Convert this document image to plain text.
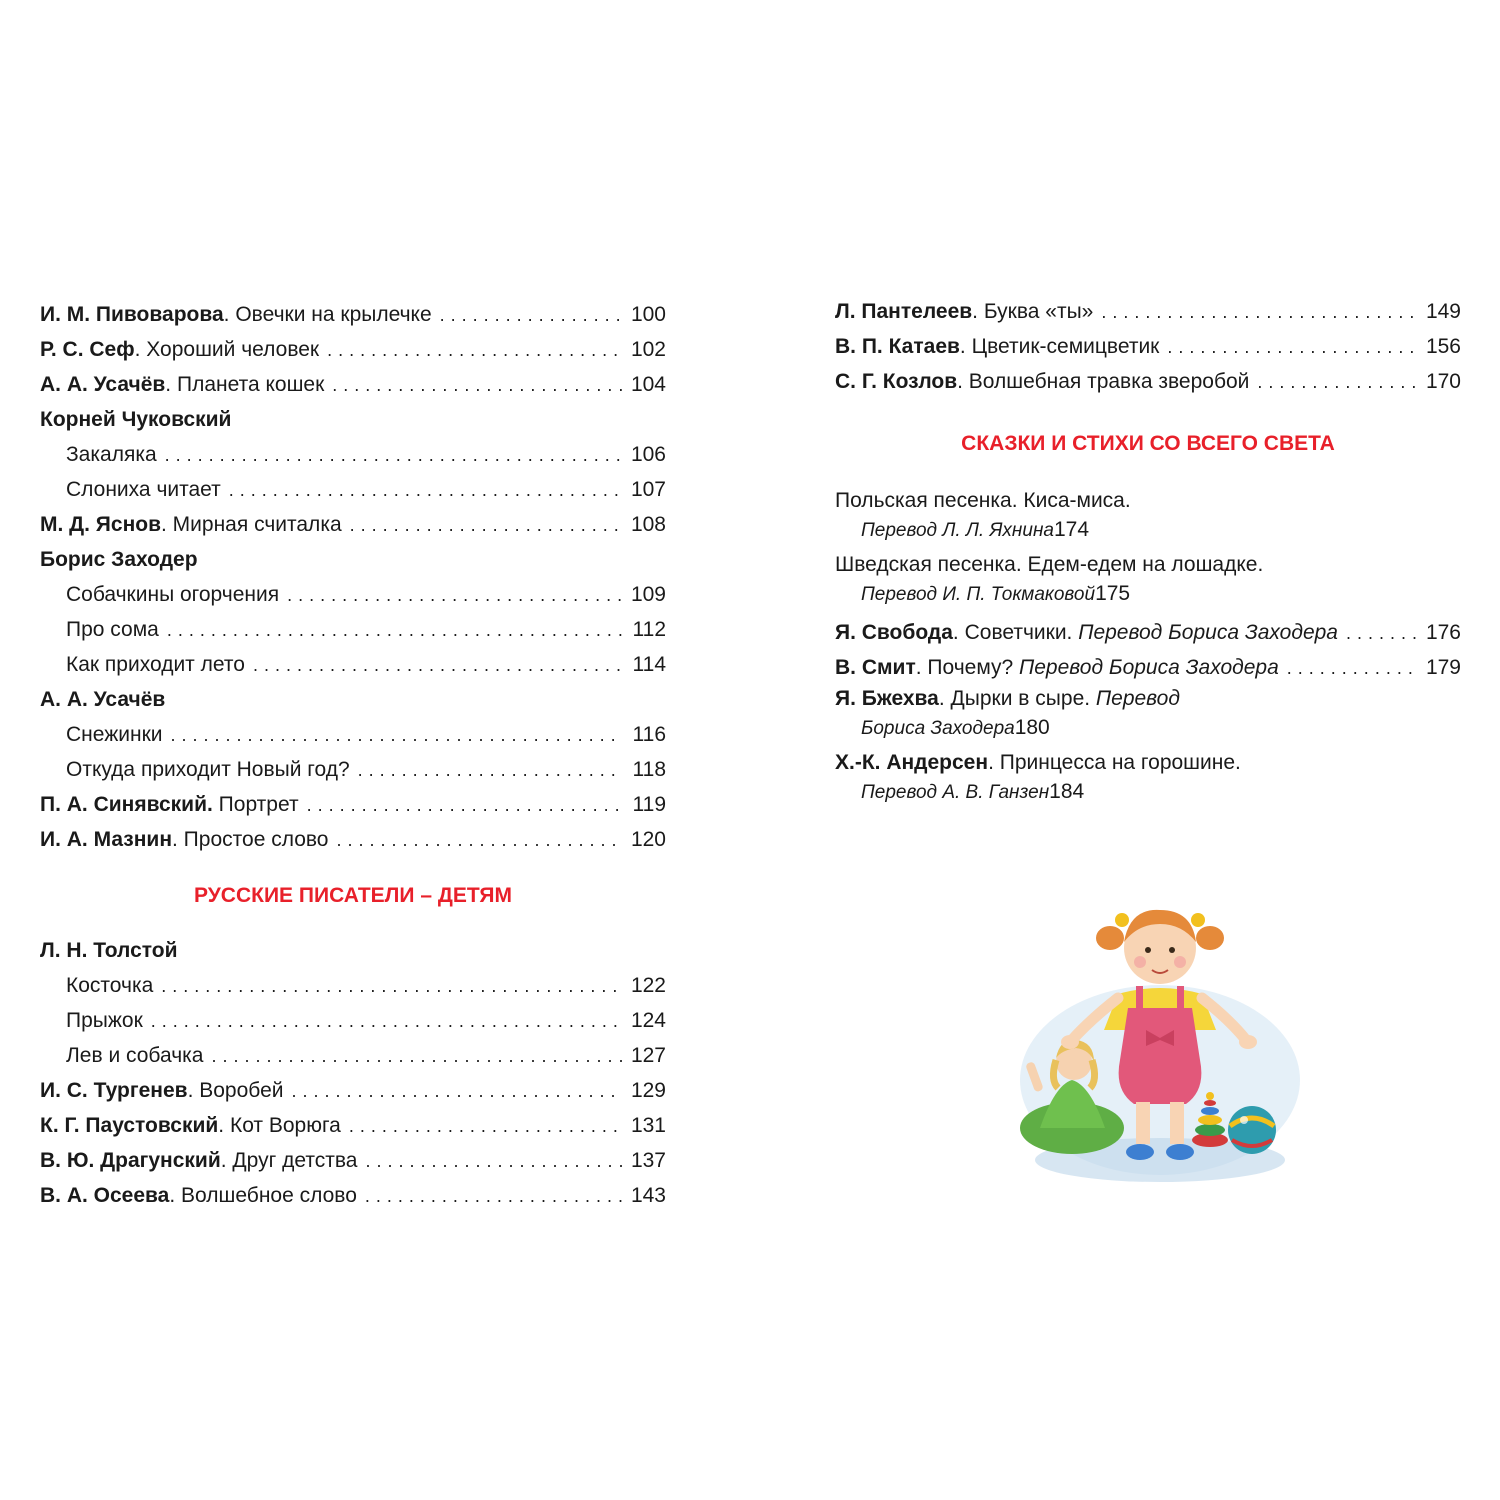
И. М. Пивоварова. Овечки на крылечке . . .	100
Р. С. Сеф. Хороший человек . . .	102
А. А. Усачёв. Планета кошек . . .	104
Корней Чуковский
Закаляка . . .	106
Слониха читает . . .	107
М. Д. Яснов. Мирная считалка . . .	108
Борис Заходер
Собачкины огорчения . . .	109
Про сома . . .	112
Как приходит лето . . .	114
А. А. Усачёв
Снежинки . . .	116
Откуда приходит Новый год? . . .	118
П. А. Синявский. Портрет . . .	119
И. А. Мазнин. Простое слово . . .	120
РУССКИЕ ПИСАТЕЛИ – ДЕТЯМ
Л. Н. Толстой
Косточка . . .	122
Прыжок . . .	124
Лев и собачка . . .	127
И. С. Тургенев. Воробей . . .	129
К. Г. Паустовский. Кот Ворюга . . .	131
В. Ю. Драгунский. Друг детства . . .	137
В. А. Осеева. Волшебное слово . . .	143
Л. Пантелеев. Буква «ты» . . .	149
В. П. Катаев. Цветик-семицветик . . .	156
С. Г. Козлов. Волшебная травка зверобой . . .	170
СКАЗКИ И СТИХИ СО ВСЕГО СВЕТА
Польская песенка. Киса-миса.
Перевод Л. Л. Яхнина 174
Шведская песенка. Едем-едем на лошадке.
Перевод И. П. Токмаковой 175
Я. Свобода. Советчики. Перевод Бориса Заходера . . .	176
В. Смит. Почему? Перевод Бориса Заходера . . .	179
Я. Бжехва. Дырки в сыре. Перевод
Бориса Заходера 180
Х.-К. Андерсен. Принцесса на горошине.
Перевод А. В. Ганзен 184
